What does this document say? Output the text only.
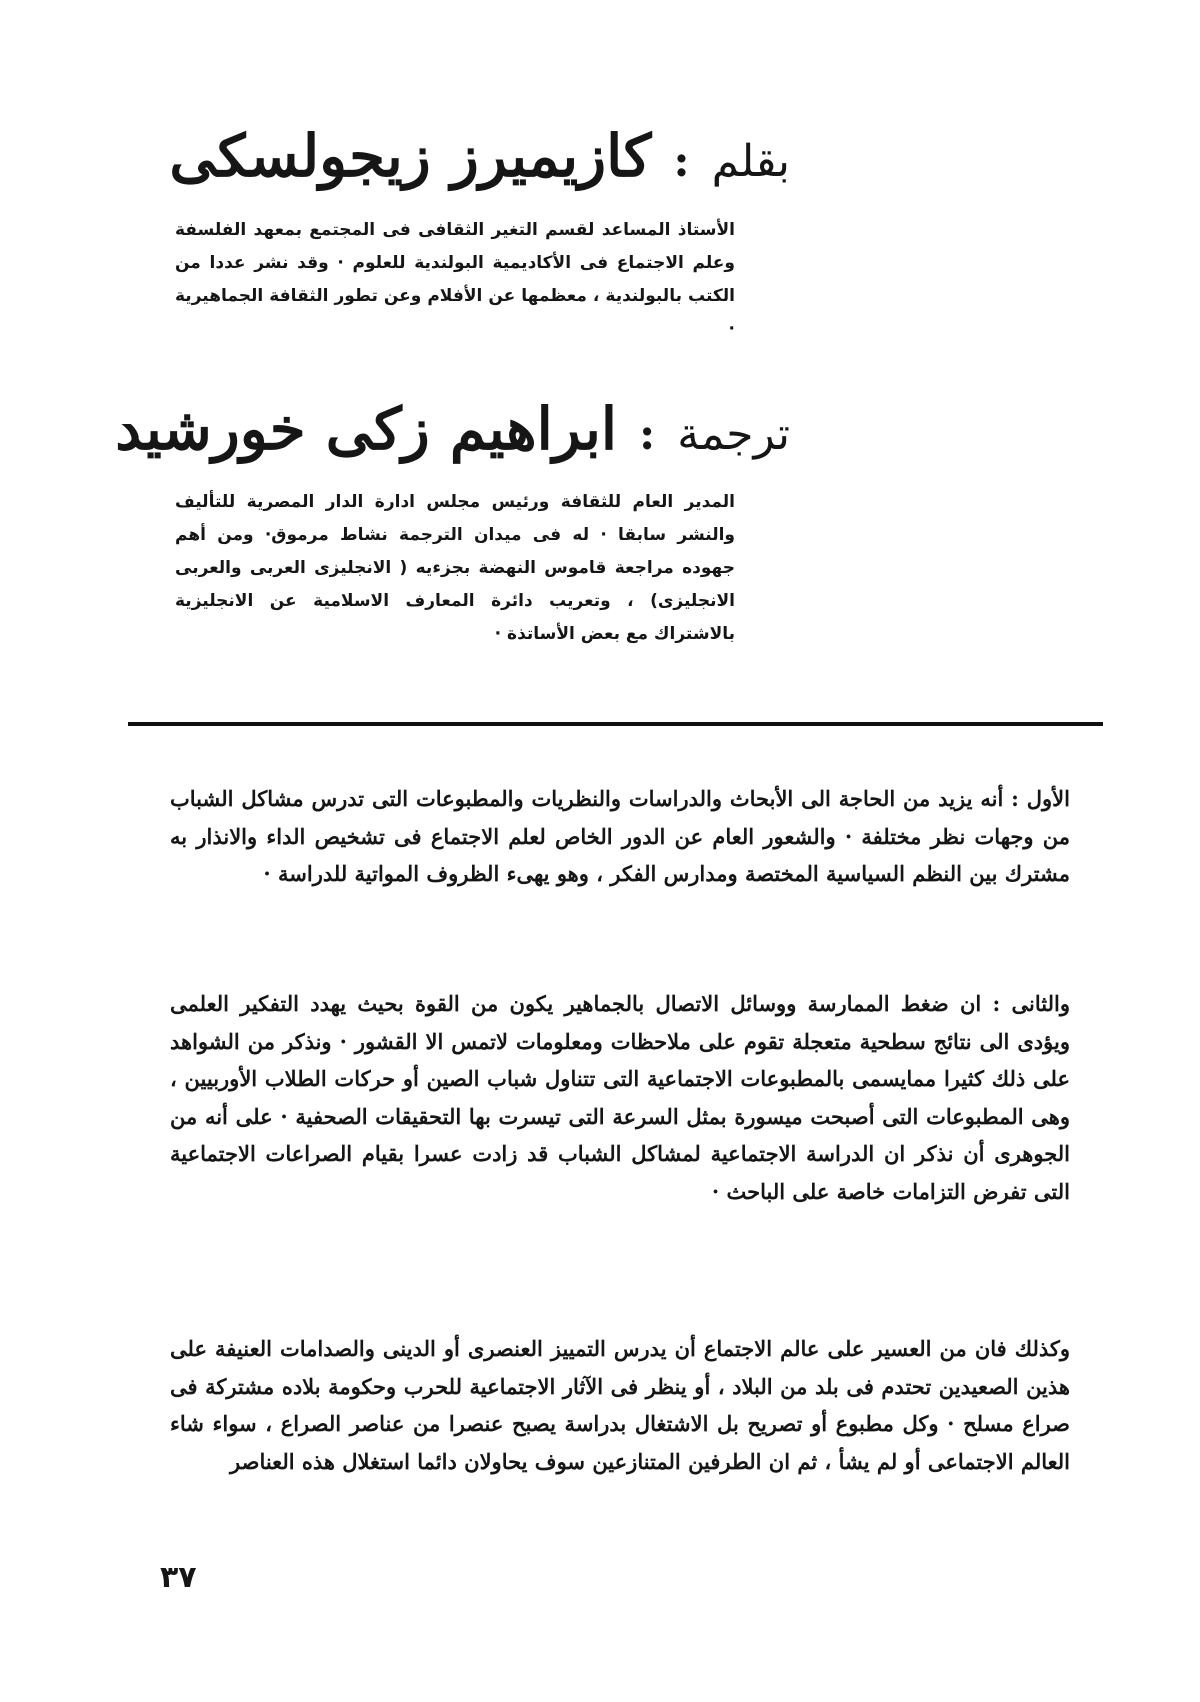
بقلم
:
كازيميرز زيجولسكى

الأستاذ المساعد لقسم التغير الثقافى فى المجتمع بمعهد الفلسفة وعلم الاجتماع فى الأكاديمية البولندية للعلوم · وقد نشر عددا من الكتب بالبولندية ، معظمها عن الأفلام وعن تطور الثقافة الجماهيرية ·

ترجمة
:
ابراهيم زكى خورشيد

المدير العام للثقافة ورئيس مجلس ادارة الدار المصرية للتأليف والنشر سابقا · له فى ميدان الترجمة نشاط مرموق· ومن أهم جهوده مراجعة قاموس النهضة بجزءيه ( الانجليزى العربى والعربى الانجليزى) ، وتعريب دائرة المعارف الاسلامية عن الانجليزية بالاشتراك مع بعض الأساتذة ·

الأول : أنه يزيد من الحاجة الى الأبحاث والدراسات والنظريات والمطبوعات التى تدرس مشاكل الشباب من وجهات نظر مختلفة · والشعور العام عن الدور الخاص لعلم الاجتماع فى تشخيص الداء والانذار به مشترك بين النظم السياسية المختصة ومدارس الفكر ، وهو يهىء الظروف المواتية للدراسة ·

والثانى : ان ضغط الممارسة ووسائل الاتصال بالجماهير يكون من القوة بحيث يهدد التفكير العلمى ويؤدى الى نتائج سطحية متعجلة تقوم على ملاحظات ومعلومات لاتمس الا القشور · ونذكر من الشواهد على ذلك كثيرا ممايسمى بالمطبوعات الاجتماعية التى تتناول شباب الصين أو حركات الطلاب الأوربيين ، وهى المطبوعات التى أصبحت ميسورة بمثل السرعة التى تيسرت بها التحقيقات الصحفية · على أنه من الجوهرى أن نذكر ان الدراسة الاجتماعية لمشاكل الشباب قد زادت عسرا بقيام الصراعات الاجتماعية التى تفرض التزامات خاصة على الباحث ·

وكذلك فان من العسير على عالم الاجتماع أن يدرس التمييز العنصرى أو الدينى والصدامات العنيفة على هذين الصعيدين تحتدم فى بلد من البلاد ، أو ينظر فى الآثار الاجتماعية للحرب وحكومة بلاده مشتركة فى صراع مسلح · وكل مطبوع أو تصريح بل الاشتغال بدراسة يصبح عنصرا من عناصر الصراع ، سواء شاء العالم الاجتماعى أو لم يشأ ، ثم ان الطرفين المتنازعين سوف يحاولان دائما استغلال هذه العناصر

٣٧
